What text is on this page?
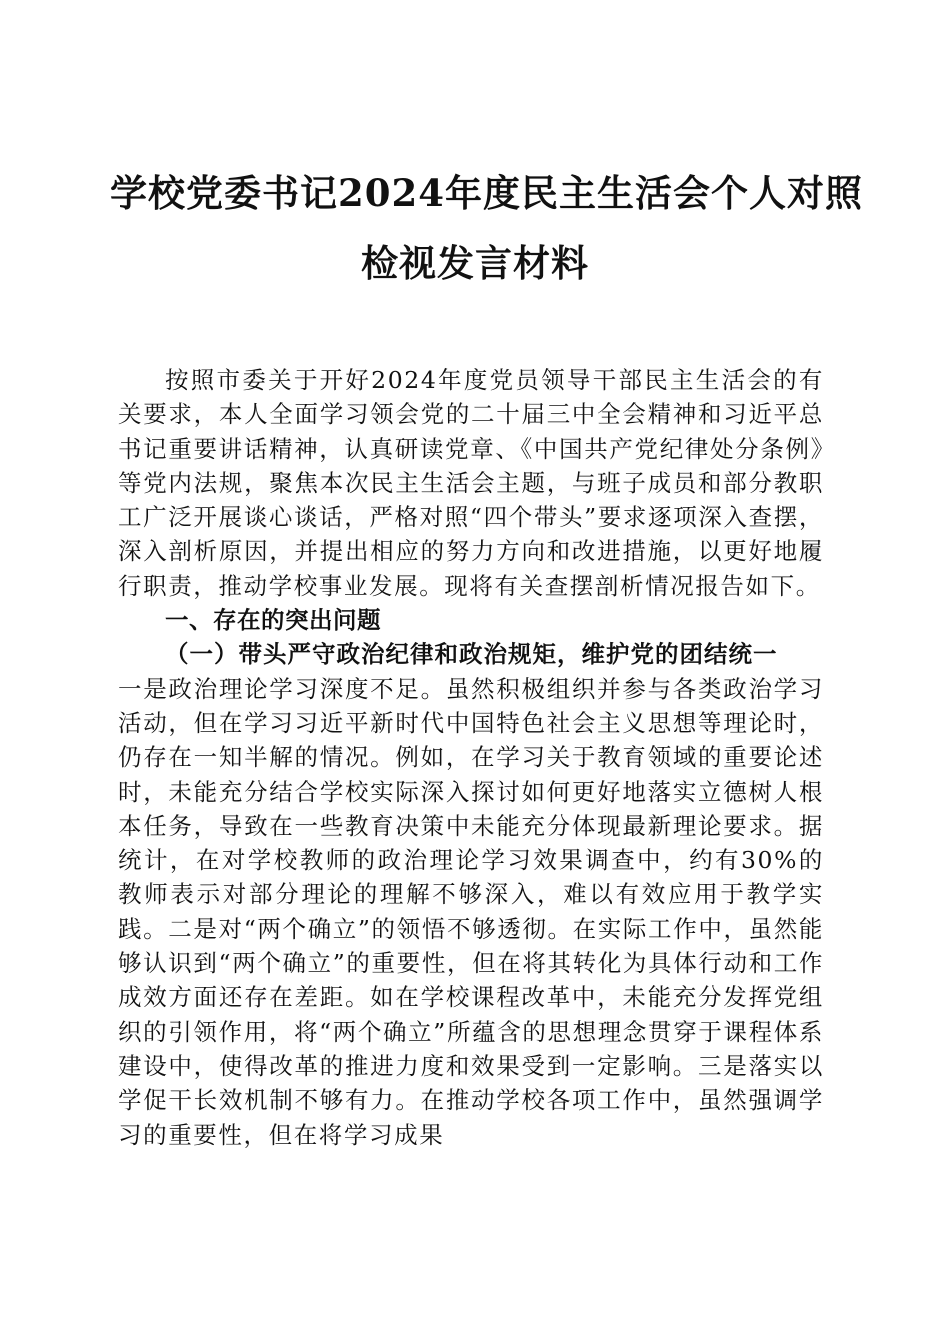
学校党委书记2024年度民主生活会个人对照
检视发言材料

按照市委关于开好2024年度党员领导干部民主生活会的有关要求，本人全面学习领会党的二十届三中全会精神和习近平总书记重要讲话精神，认真研读党章、《中国共产党纪律处分条例》等党内法规，聚焦本次民主生活会主题，与班子成员和部分教职工广泛开展谈心谈话，严格对照“四个带头”要求逐项深入查摆，深入剖析原因，并提出相应的努力方向和改进措施，以更好地履行职责，推动学校事业发展。现将有关查摆剖析情况报告如下。

一、存在的突出问题

（一）带头严守政治纪律和政治规矩，维护党的团结统一

一是政治理论学习深度不足。虽然积极组织并参与各类政治学习活动，但在学习习近平新时代中国特色社会主义思想等理论时，仍存在一知半解的情况。例如，在学习关于教育领域的重要论述时，未能充分结合学校实际深入探讨如何更好地落实立德树人根本任务，导致在一些教育决策中未能充分体现最新理论要求。据统计，在对学校教师的政治理论学习效果调查中，约有30%的教师表示对部分理论的理解不够深入，难以有效应用于教学实践。二是对“两个确立”的领悟不够透彻。在实际工作中，虽然能够认识到“两个确立”的重要性，但在将其转化为具体行动和工作成效方面还存在差距。如在学校课程改革中，未能充分发挥党组织的引领作用，将“两个确立”所蕴含的思想理念贯穿于课程体系建设中，使得改革的推进力度和效果受到一定影响。三是落实以学促干长效机制不够有力。在推动学校各项工作中，虽然强调学习的重要性，但在将学习成果
